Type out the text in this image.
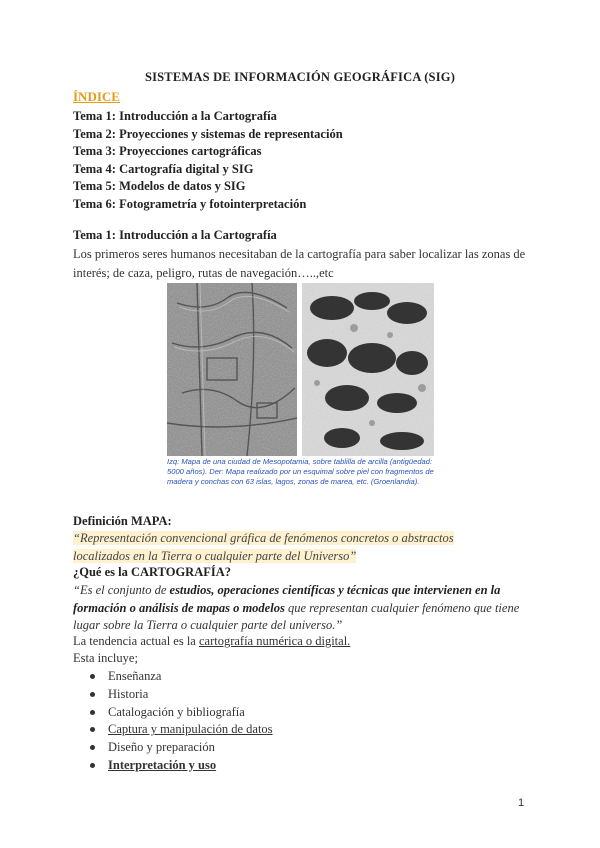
SISTEMAS DE INFORMACIÓN GEOGRÁFICA (SIG)
ÍNDICE
Tema 1: Introducción a la Cartografía
Tema 2: Proyecciones y sistemas de representación
Tema 3: Proyecciones cartográficas
Tema 4: Cartografía digital y SIG
Tema 5: Modelos de datos y SIG
Tema 6: Fotogrametría y fotointerpretación
Tema 1: Introducción a la Cartografía
Los primeros seres humanos necesitaban de la cartografía para saber localizar las zonas de interés; de caza, peligro, rutas de navegación…..,etc
Izq: Mapa de una ciudad de Mesopotamia, sobre tablilla de arcilla (antigüedad: 5000 años). Der: Mapa realizado por un esquimal sobre piel con fragmentos de madera y conchas con 63 islas, lagos, zonas de marea, etc. (Groenlandia).
Definición MAPA:
“Representación convencional gráfica de fenómenos concretos o abstractos localizados en la Tierra o cualquier parte del Universo”
¿Qué es la CARTOGRAFÍA?
“Es el conjunto de estudios, operaciones científicas y técnicas que intervienen en la formación o análisis de mapas o modelos que representan cualquier fenómeno que tiene lugar sobre la Tierra o cualquier parte del universo.”
La tendencia actual es la cartografía numérica o digital.
Esta incluye;
Enseñanza
Historia
Catalogación y bibliografía
Captura y manipulación de datos
Diseño y preparación
Interpretación y uso
1
